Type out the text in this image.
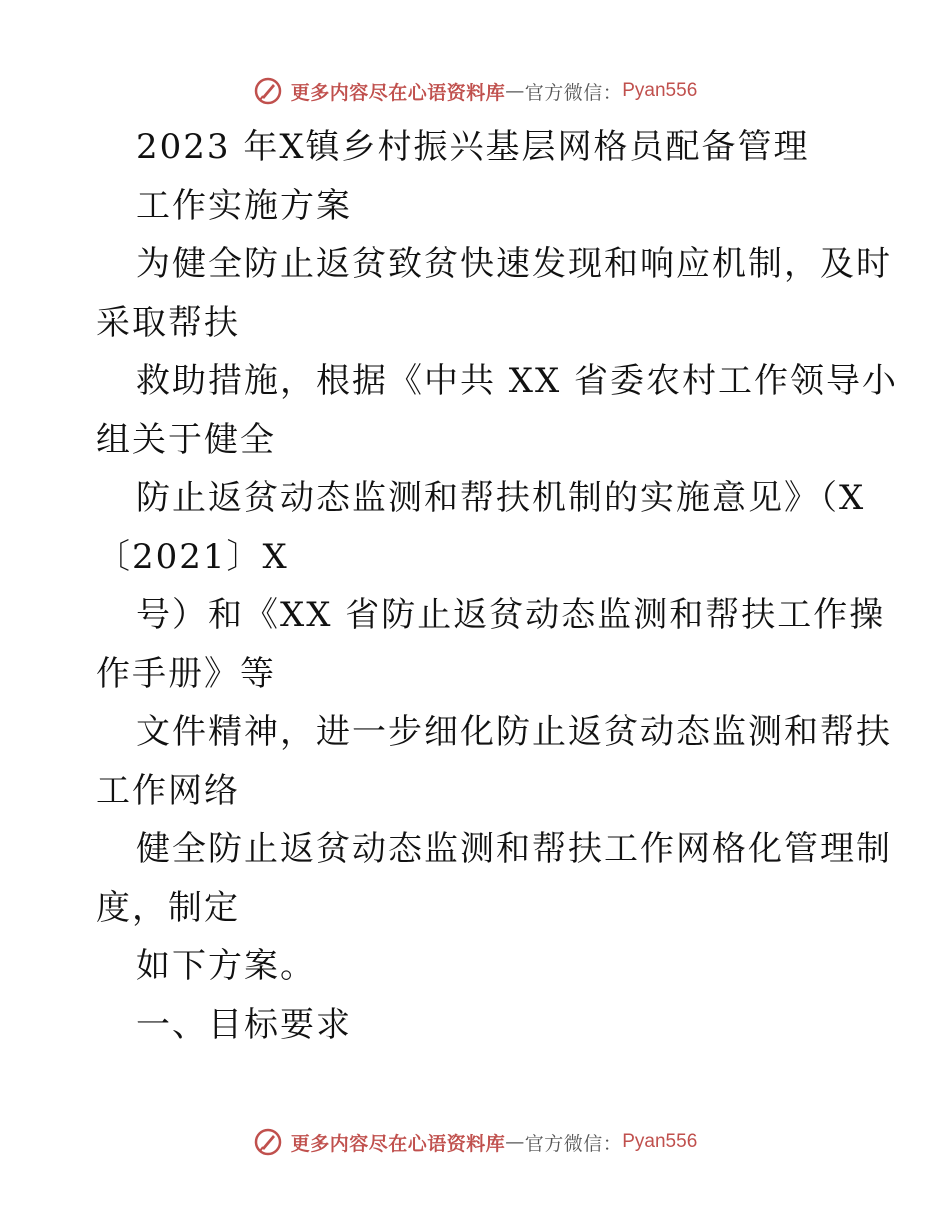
更多内容尽在心语资料库 — 官方微信： Pyan556
2023 年X镇乡村振兴基层网格员配备管理
工作实施方案
为健全防止返贫致贫快速发现和响应机制，及时
采取帮扶
救助措施，根据《中共 XX 省委农村工作领导小
组关于健全
防止返贫动态监测和帮扶机制的实施意见》（X
〔2021〕X
号）和《XX 省防止返贫动态监测和帮扶工作操
作手册》等
文件精神，进一步细化防止返贫动态监测和帮扶
工作网络
健全防止返贫动态监测和帮扶工作网格化管理制
度，制定
如下方案。
一、目标要求
更多内容尽在心语资料库 — 官方微信： Pyan556
